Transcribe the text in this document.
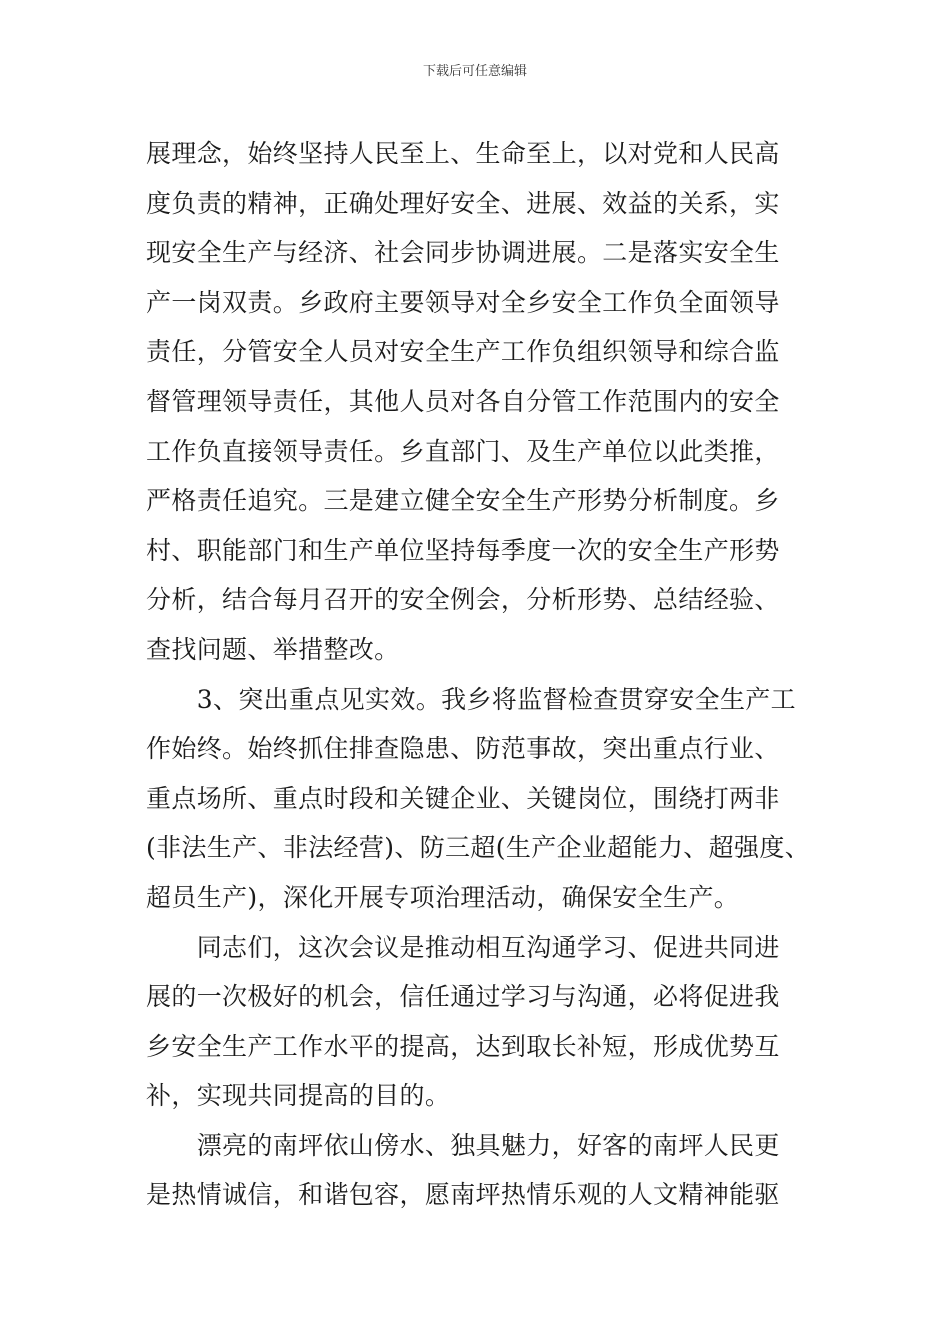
下载后可任意编辑
展理念，始终坚持人民至上、生命至上，以对党和人民高
度负责的精神，正确处理好安全、进展、效益的关系，实
现安全生产与经济、社会同步协调进展。二是落实安全生
产一岗双责。乡政府主要领导对全乡安全工作负全面领导
责任，分管安全人员对安全生产工作负组织领导和综合监
督管理领导责任，其他人员对各自分管工作范围内的安全
工作负直接领导责任。乡直部门、及生产单位以此类推，
严格责任追究。三是建立健全安全生产形势分析制度。乡
村、职能部门和生产单位坚持每季度一次的安全生产形势
分析，结合每月召开的安全例会，分析形势、总结经验、
查找问题、举措整改。
　　3、突出重点见实效。我乡将监督检查贯穿安全生产工
作始终。始终抓住排查隐患、防范事故，突出重点行业、
重点场所、重点时段和关键企业、关键岗位，围绕打两非
(非法生产、非法经营)、防三超(生产企业超能力、超强度、
超员生产)，深化开展专项治理活动，确保安全生产。
　　同志们，这次会议是推动相互沟通学习、促进共同进
展的一次极好的机会，信任通过学习与沟通，必将促进我
乡安全生产工作水平的提高，达到取长补短，形成优势互
补，实现共同提高的目的。
　　漂亮的南坪依山傍水、独具魅力，好客的南坪人民更
是热情诚信，和谐包容，愿南坪热情乐观的人文精神能驱
